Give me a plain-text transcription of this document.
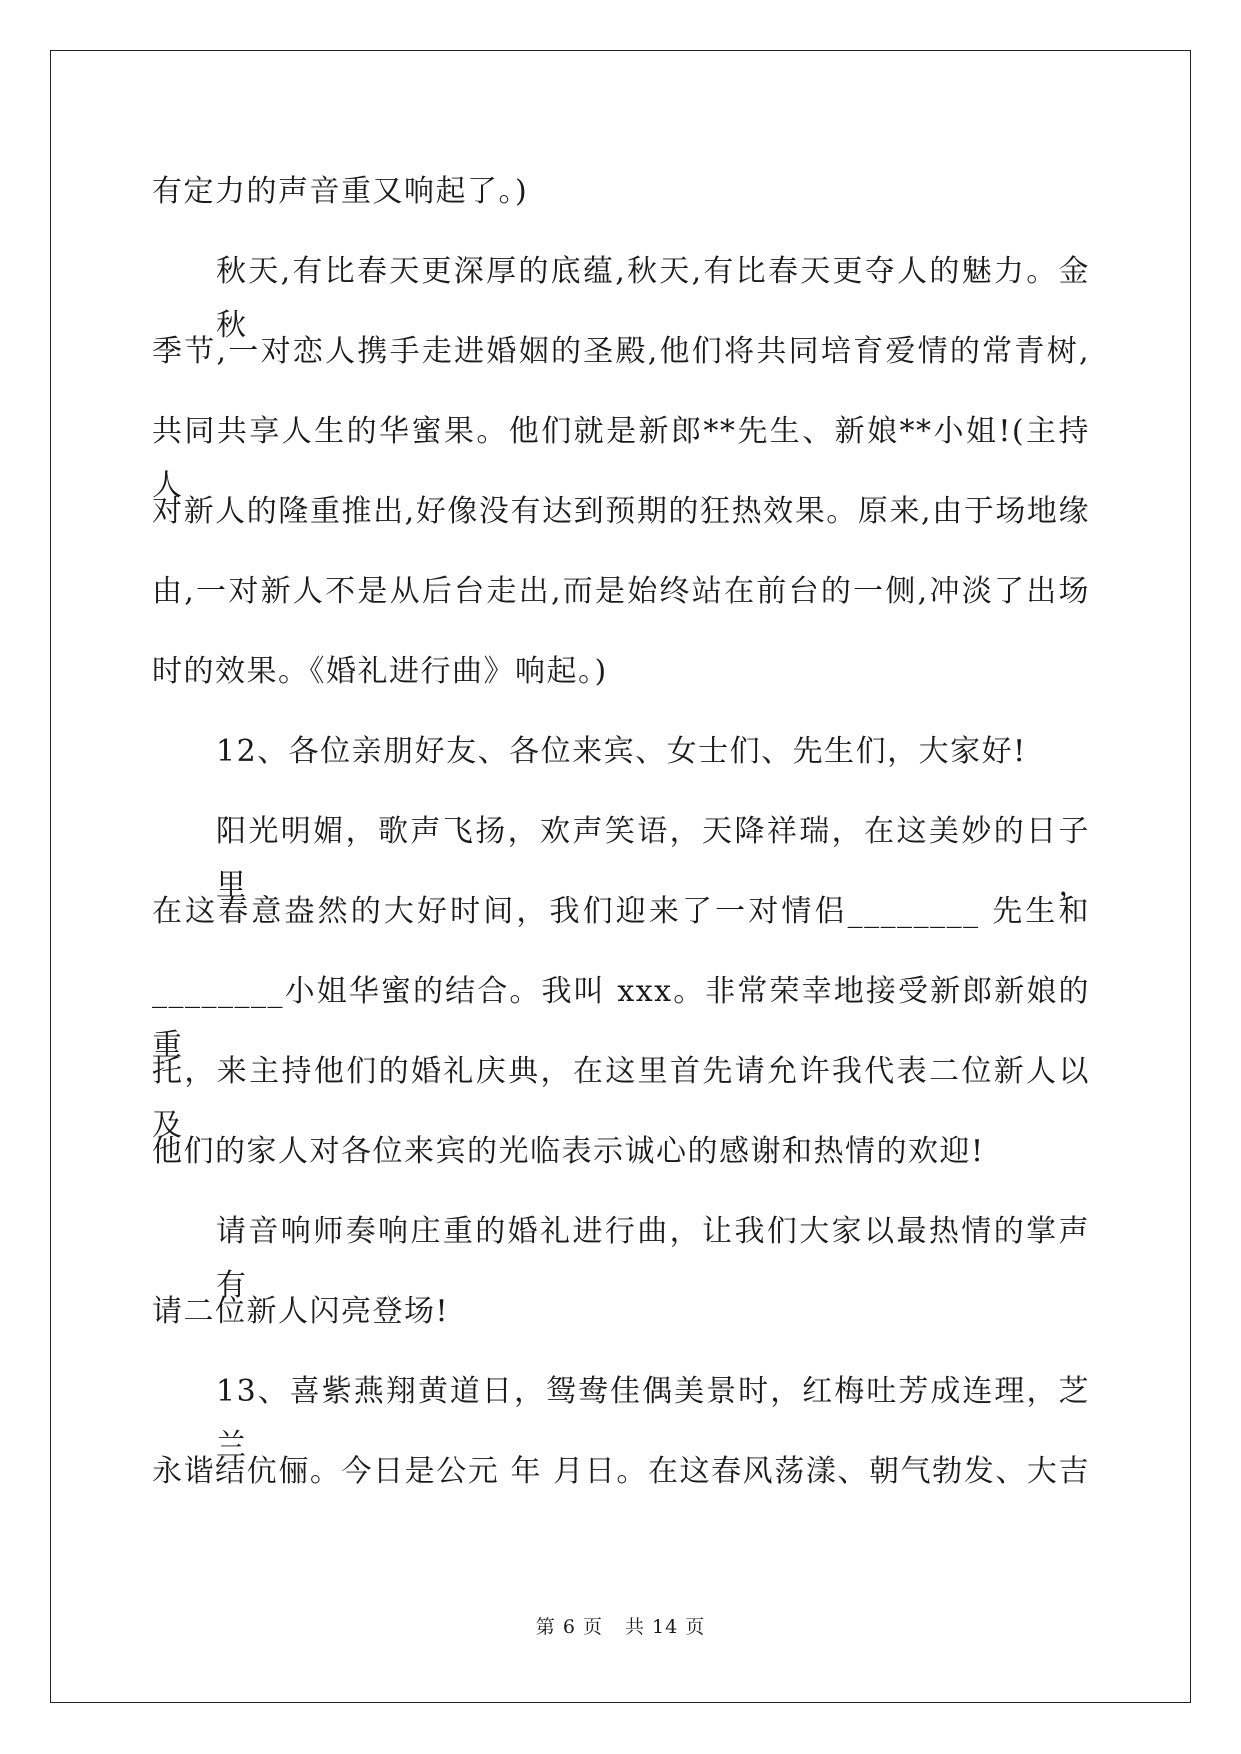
有定力的声音重又响起了。)
秋天,有比春天更深厚的底蕴,秋天,有比春天更夺人的魅力。金秋
季节,一对恋人携手走进婚姻的圣殿,他们将共同培育爱情的常青树,
共同共享人生的华蜜果。他们就是新郎**先生、新娘**小姐!(主持人
对新人的隆重推出,好像没有达到预期的狂热效果。原来,由于场地缘
由,一对新人不是从后台走出,而是始终站在前台的一侧,冲淡了出场
时的效果。《婚礼进行曲》响起。)
12、各位亲朋好友、各位来宾、女士们、先生们，大家好!
阳光明媚，歌声飞扬，欢声笑语，天降祥瑞，在这美妙的日子里，
在这春意盎然的大好时间，我们迎来了一对情侣________ 先生和
________小姐华蜜的结合。我叫 xxx。非常荣幸地接受新郎新娘的重
托，来主持他们的婚礼庆典，在这里首先请允许我代表二位新人以及
他们的家人对各位来宾的光临表示诚心的感谢和热情的欢迎!
请音响师奏响庄重的婚礼进行曲，让我们大家以最热情的掌声有
请二位新人闪亮登场!
13、喜紫燕翔黄道日，鸳鸯佳偶美景时，红梅吐芳成连理，芝兰
永谐结伉俪。今日是公元 年 月日。在这春风荡漾、朝气勃发、大吉
第 6 页 共 14 页
